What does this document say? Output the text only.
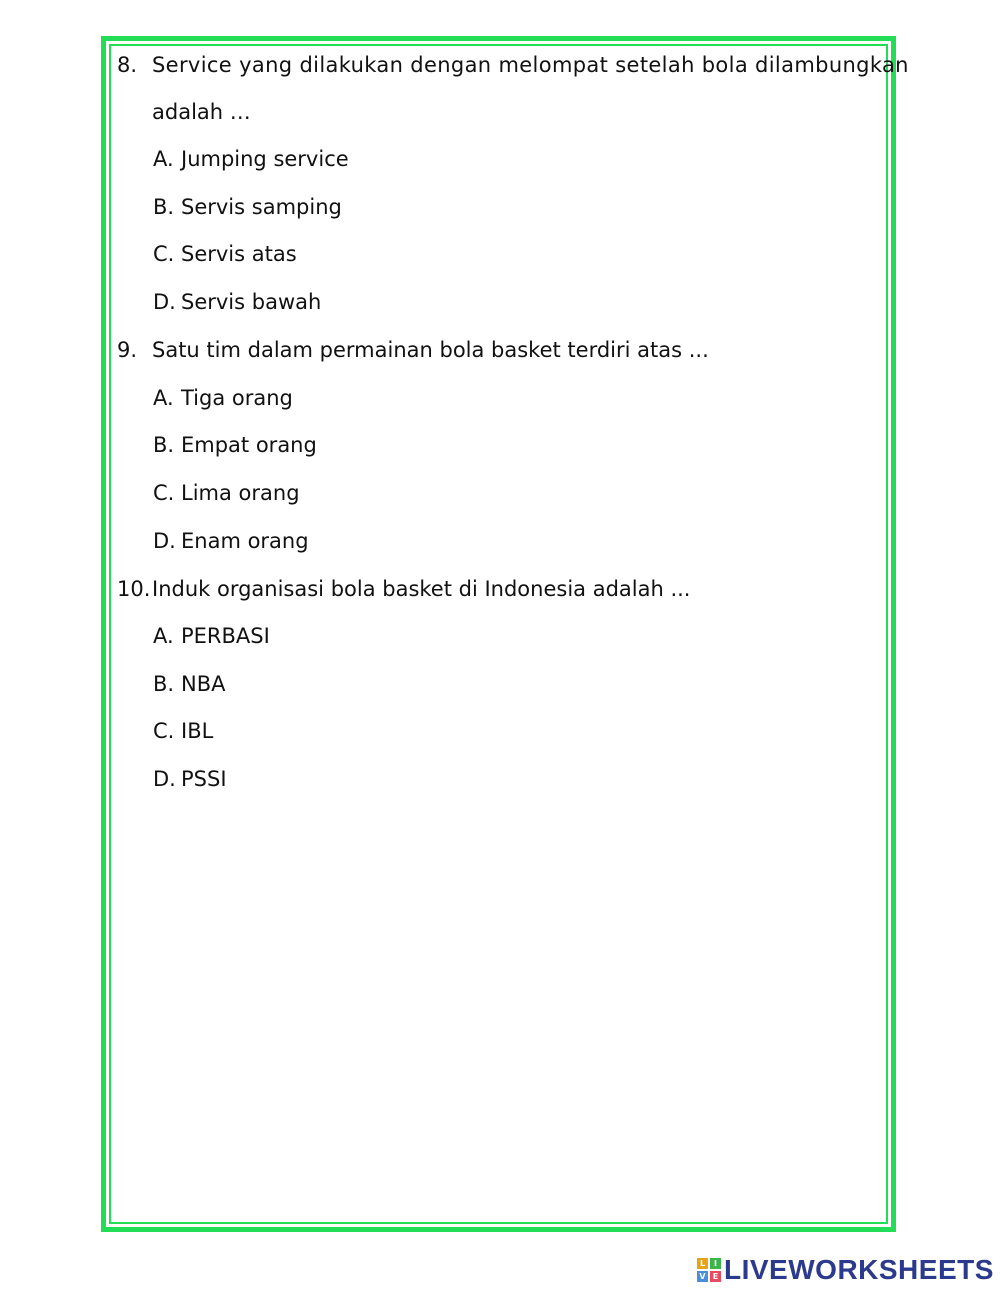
8. Service yang dilakukan dengan melompat setelah bola dilambungkan
adalah …
A. Jumping service
B. Servis samping
C. Servis atas
D. Servis bawah
9. Satu tim dalam permainan bola basket terdiri atas ...
A. Tiga orang
B. Empat orang
C. Lima orang
D. Enam orang
10. Induk organisasi bola basket di Indonesia adalah ...
A. PERBASI
B. NBA
C. IBL
D. PSSI
L	I
V E LIVEWORKSHEETS
